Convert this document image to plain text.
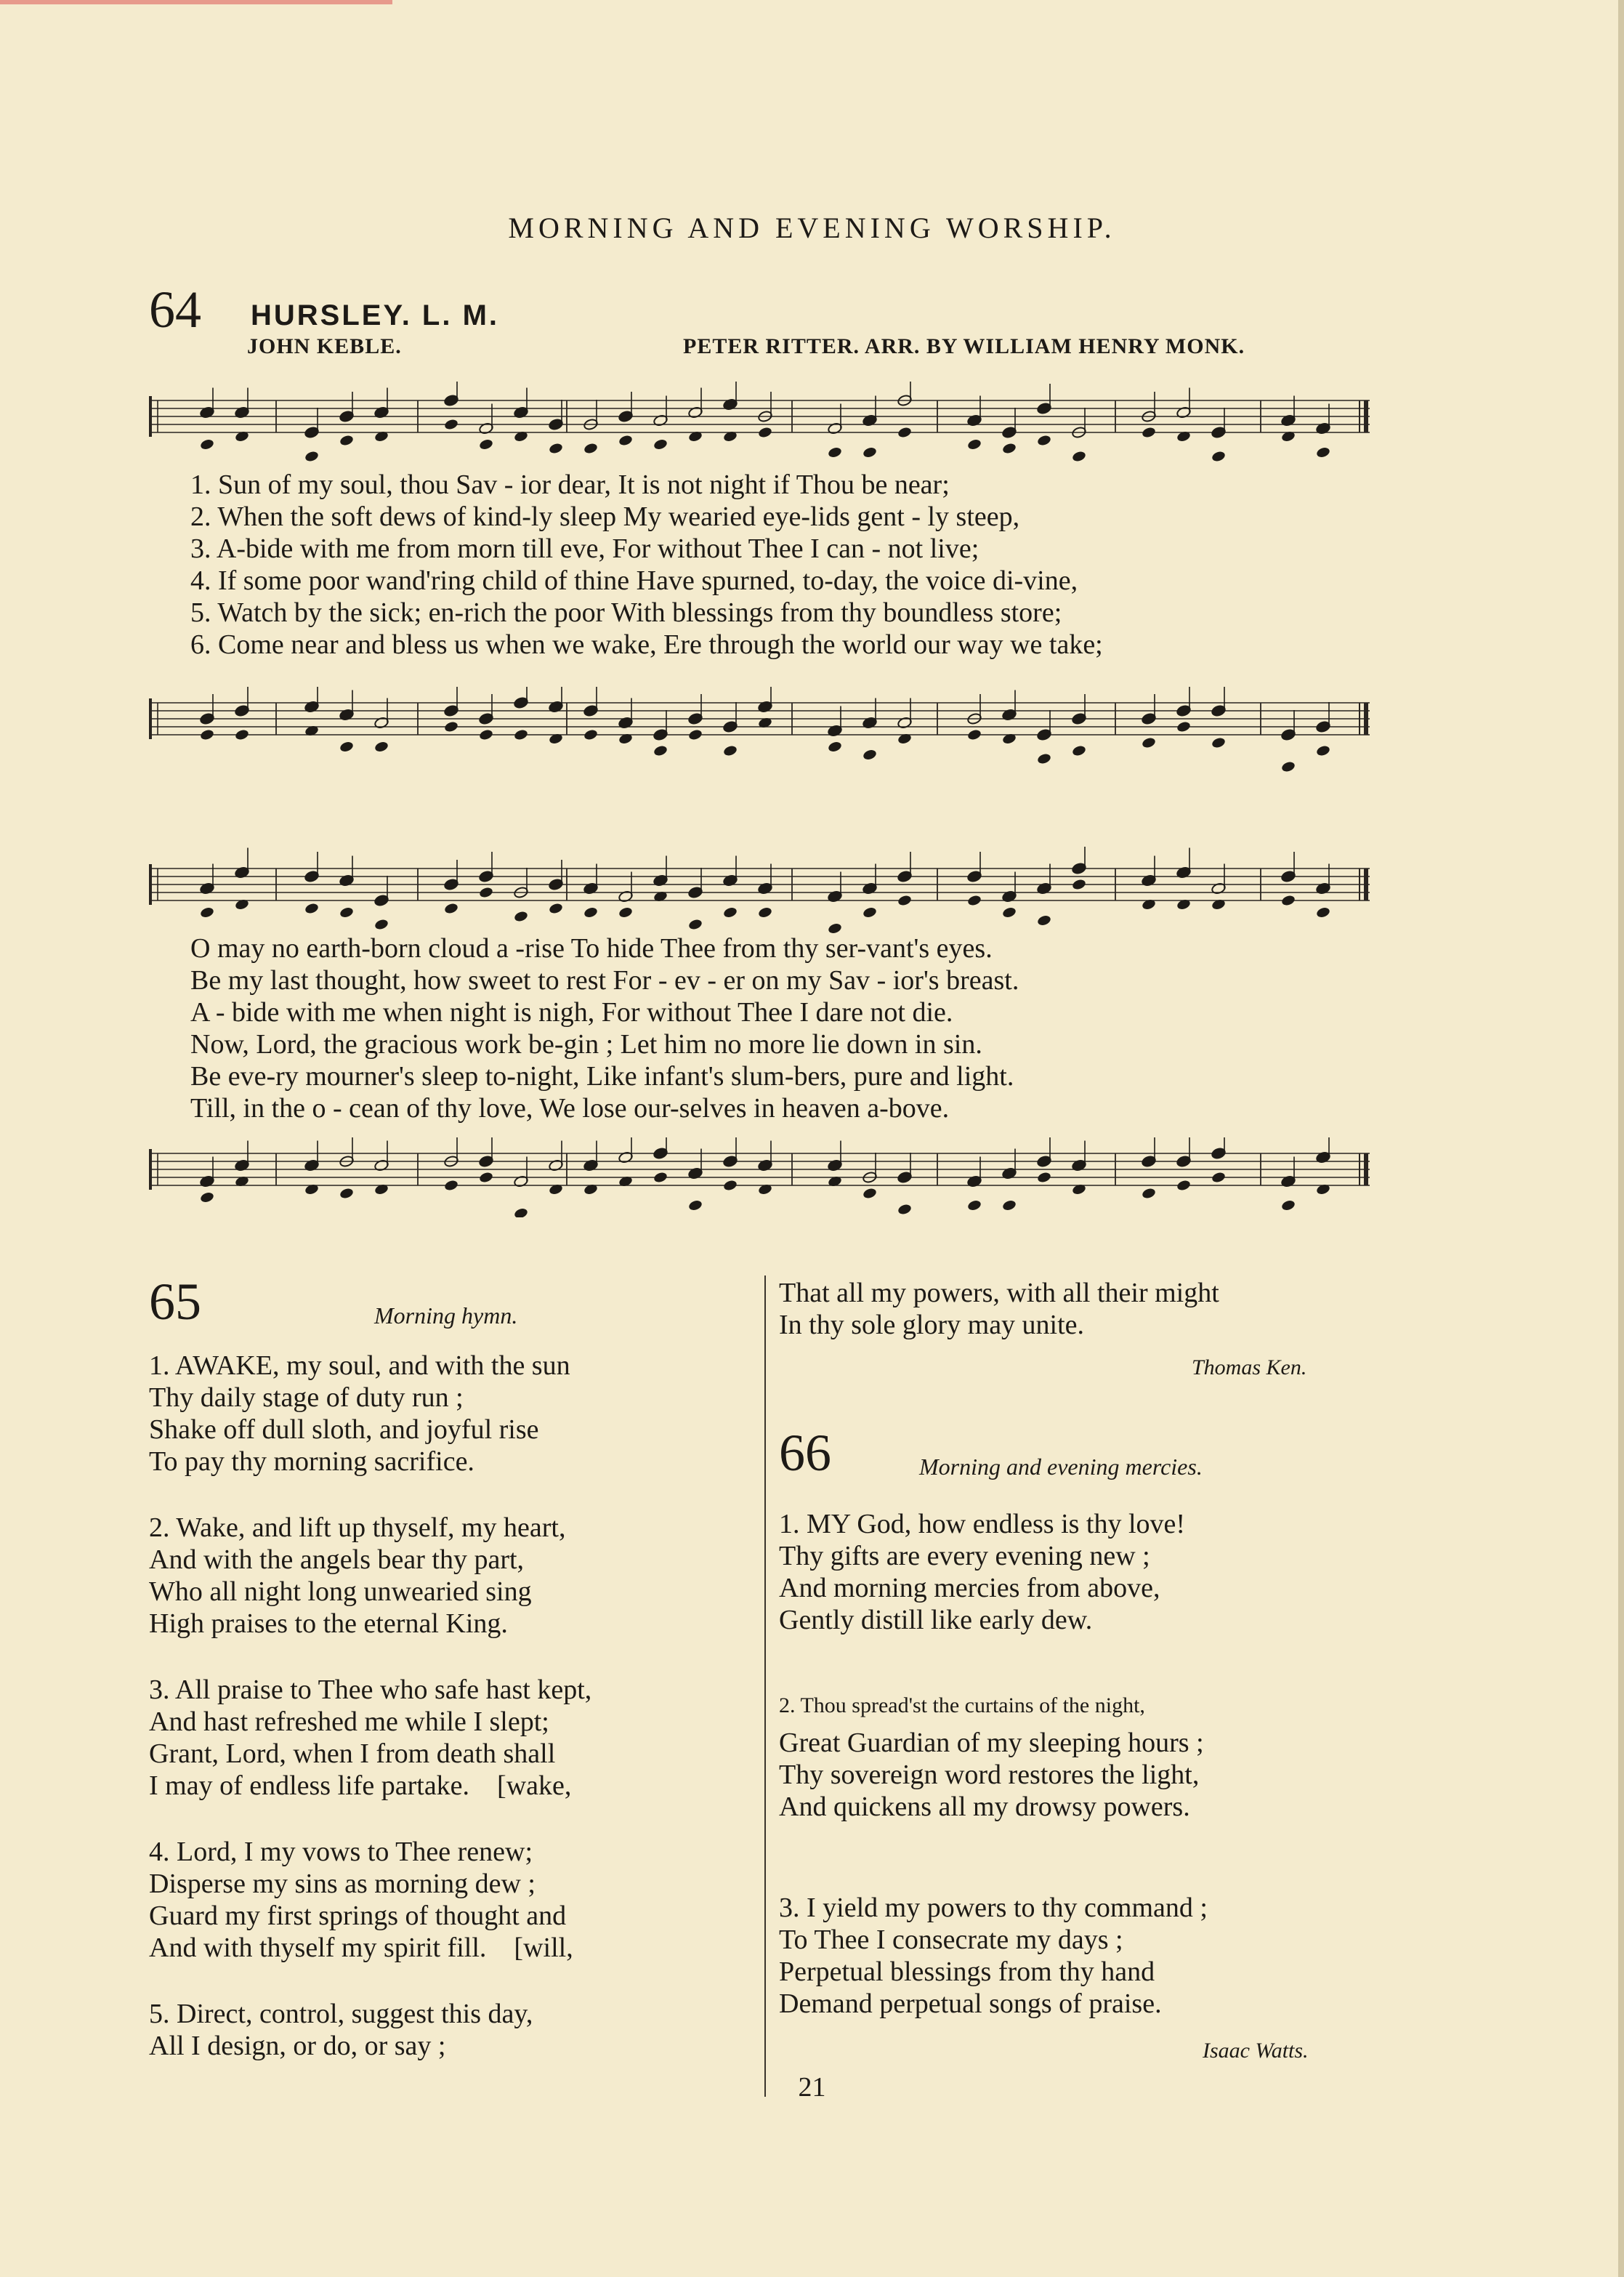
MORNING AND EVENING WORSHIP.
64 HURSLEY. L. M.
JOHN KEBLE.	PETER RITTER. ARR. BY WILLIAM HENRY MONK.
1. Sun of my soul, thou Sav - ior dear, It is not night if Thou be near;
2. When the soft dews of kind-ly sleep My wearied eye-lids gent - ly steep,
3. A-bide with me from morn till eve, For without Thee I can - not live;
4. If some poor wand'ring child of thine Have spurned, to-day, the voice di-vine,
5. Watch by the sick; en-rich the poor With blessings from thy boundless store;
6. Come near and bless us when we wake, Ere through the world our way we take;
O may no earth-born cloud a -rise To hide Thee from thy ser-vant's eyes.
Be my last thought, how sweet to rest For - ev - er on my Sav - ior's breast.
A - bide with me when night is nigh, For without Thee I dare not die.
Now, Lord, the gracious work be-gin ; Let him no more lie down in sin.
Be eve-ry mourner's sleep to-night, Like infant's slum-bers, pure and light.
Till, in the o - cean of thy love, We lose our-selves in heaven a-bove.
65	Morning hymn.
1. AWAKE, my soul, and with the sun
Thy daily stage of duty run ;
Shake off dull sloth, and joyful rise
To pay thy morning sacrifice.
2. Wake, and lift up thyself, my heart,
And with the angels bear thy part,
Who all night long unwearied sing
High praises to the eternal King.
3. All praise to Thee who safe hast kept,
And hast refreshed me while I slept;
Grant, Lord, when I from death shall
I may of endless life partake.    [wake,
4. Lord, I my vows to Thee renew;
Disperse my sins as morning dew ;
Guard my first springs of thought and
And with thyself my spirit fill.    [will,
5. Direct, control, suggest this day,
All I design, or do, or say ;
That all my powers, with all their might
In thy sole glory may unite.
Thomas Ken.
66	Morning and evening mercies.
1. MY God, how endless is thy love!
Thy gifts are every evening new ;
And morning mercies from above,
Gently distill like early dew.
2. Thou spread'st the curtains of the night,
Great Guardian of my sleeping hours ;
Thy sovereign word restores the light,
And quickens all my drowsy powers.
3. I yield my powers to thy command ;
To Thee I consecrate my days ;
Perpetual blessings from thy hand
Demand perpetual songs of praise.
Isaac Watts.
21
